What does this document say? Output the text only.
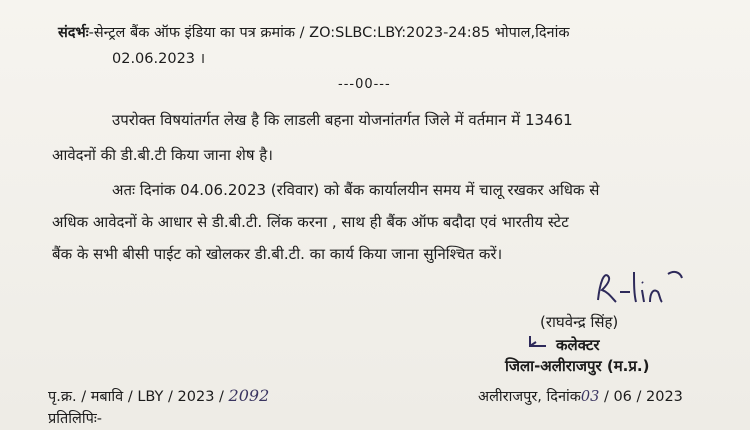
संदर्भः-सेन्ट्रल बैंक ऑफ इंडिया का पत्र क्रमांक / ZO:SLBC:LBY:2023-24:85 भोपाल,दिनांक
02.06.2023 ।
---00---
उपरोक्त विषयांतर्गत लेख है कि लाडली बहना योजनांतर्गत जिले में वर्तमान में 13461
आवेदनों की डी.बी.टी किया जाना शेष है।
अतः दिनांक 04.06.2023 (रविवार) को बैंक कार्यालयीन समय में चालू रखकर अधिक से
अधिक आवेदनों के आधार से डी.बी.टी. लिंक करना , साथ ही बैंक ऑफ बदौदा एवं भारतीय स्टेट
बैंक के सभी बीसी पाईट को खोलकर डी.बी.टी. का कार्य किया जाना सुनिश्चित करें।
(राघवेन्द्र सिंह)
कलेक्टर
जिला-अलीराजपुर (म.प्र.)
पृ.क्र. / मबावि / LBY / 2023 / 2092	अलीराजपुर, दिनांक03 / 06 / 2023
प्रतिलिपिः-
